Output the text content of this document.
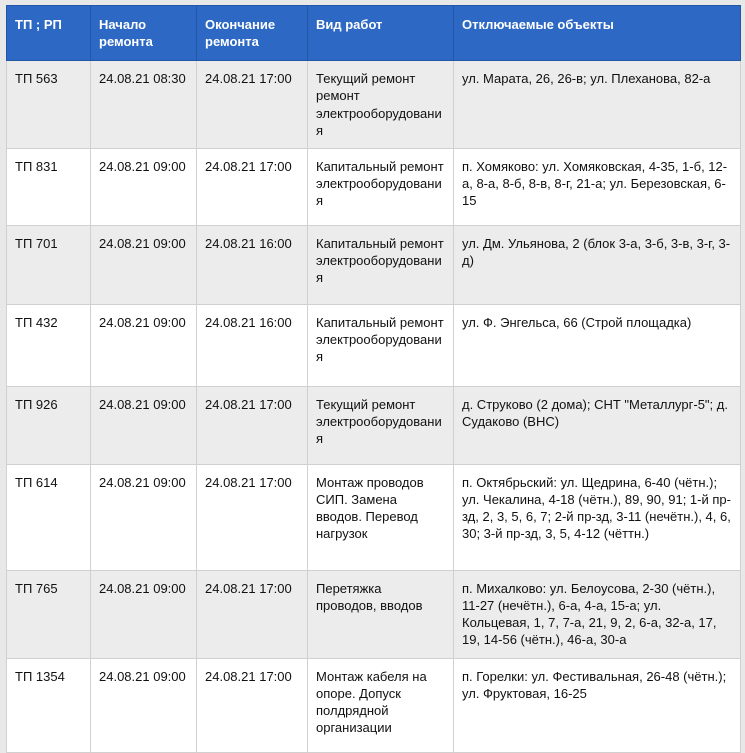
ТП ; РП	Начало ремонта	Окончание ремонта	Вид работ	Отключаемые объекты
ТП 563	24.08.21 08:30	24.08.21 17:00	Текущий ремонт ремонт электрооборудования	ул. Марата, 26, 26-в; ул. Плеханова, 82-а
ТП 831	24.08.21 09:00	24.08.21 17:00	Капитальный ремонт электрооборудования	п. Хомяково: ул. Хомяковская, 4-35, 1-б, 12-а, 8-а, 8-б, 8-в, 8-г, 21-а; ул. Березовская, 6-15
ТП 701	24.08.21 09:00	24.08.21 16:00	Капитальный ремонт электрооборудования	ул. Дм. Ульянова, 2 (блок 3-а, 3-б, 3-в, 3-г, 3-д)
ТП 432	24.08.21 09:00	24.08.21 16:00	Капитальный ремонт электрооборудования	ул. Ф. Энгельса, 66 (Строй площадка)
ТП 926	24.08.21 09:00	24.08.21 17:00	Текущий ремонт электрооборудования	д. Струково (2 дома); СНТ "Металлург-5"; д. Судаково (ВНС)
ТП 614	24.08.21 09:00	24.08.21 17:00	Монтаж проводов СИП. Замена вводов. Перевод нагрузок	п. Октябрьский: ул. Щедрина, 6-40 (чётн.); ул. Чекалина, 4-18 (чётн.), 89, 90, 91; 1-й пр-зд, 2, 3, 5, 6, 7; 2-й пр-зд, 3-11 (нечётн.), 4, 6, 30; 3-й пр-зд, 3, 5, 4-12 (чёттн.)
ТП 765	24.08.21 09:00	24.08.21 17:00	Перетяжка проводов, вводов	п. Михалково: ул. Белоусова, 2-30 (чётн.), 11-27 (нечётн.), 6-а, 4-а, 15-а; ул. Кольцевая, 1, 7, 7-а, 21, 9, 2, 6-а, 32-а, 17, 19, 14-56 (чётн.), 46-а, 30-а
ТП 1354	24.08.21 09:00	24.08.21 17:00	Монтаж кабеля на опоре. Допуск полдрядной организации	п. Горелки: ул. Фестивальная, 26-48 (чётн.); ул. Фруктовая, 16-25
